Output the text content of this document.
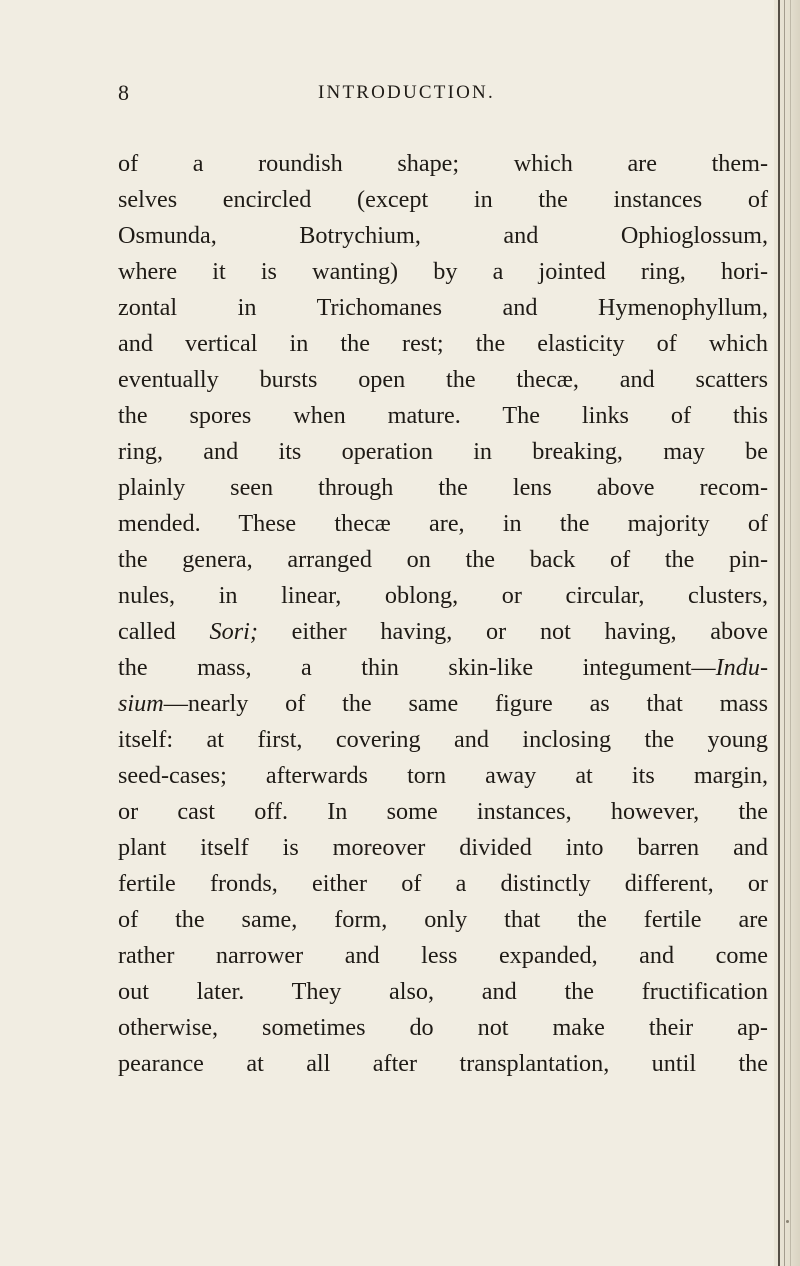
8	INTRODUCTION.
of a roundish shape; which are them-
selves encircled (except in the instances of
Osmunda, Botrychium, and Ophioglossum,
where it is wanting) by a jointed ring, hori-
zontal in Trichomanes and Hymenophyllum,
and vertical in the rest; the elasticity of which
eventually bursts open the thecæ, and scatters
the spores when mature. The links of this
ring, and its operation in breaking, may be
plainly seen through the lens above recom-
mended. These thecæ are, in the majority of
the genera, arranged on the back of the pin-
nules, in linear, oblong, or circular, clusters,
called Sori; either having, or not having, above
the mass, a thin skin-like integument—Indu-
sium—nearly of the same figure as that mass
itself: at first, covering and inclosing the young
seed-cases; afterwards torn away at its margin,
or cast off. In some instances, however, the
plant itself is moreover divided into barren and
fertile fronds, either of a distinctly different, or
of the same, form, only that the fertile are
rather narrower and less expanded, and come
out later. They also, and the fructification
otherwise, sometimes do not make their ap-
pearance at all after transplantation, until the
